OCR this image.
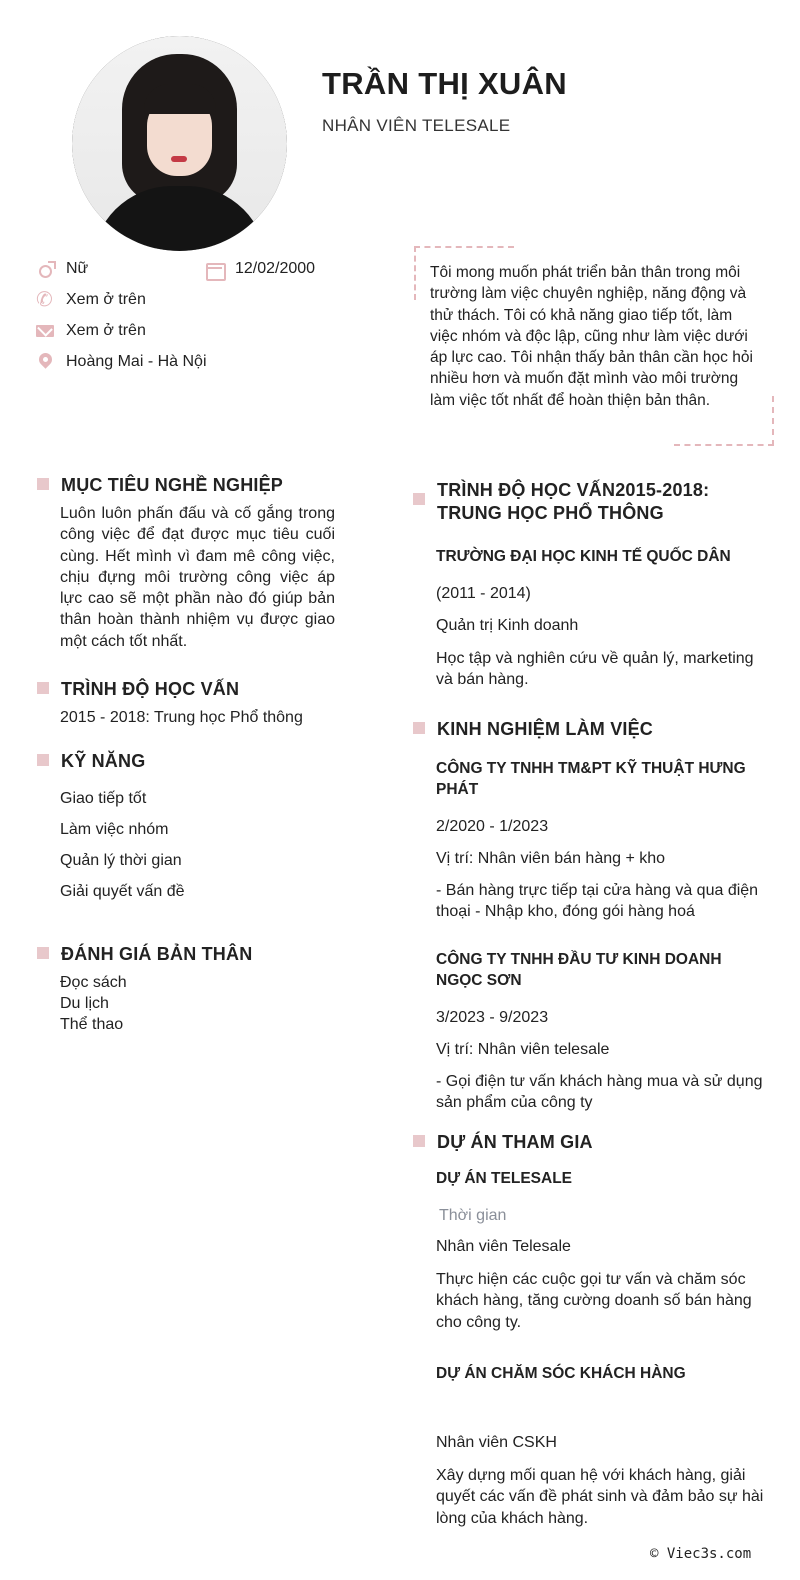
TRẦN THỊ XUÂN
NHÂN VIÊN TELESALE
Nữ	12/02/2000
✆
Xem ở trên
Xem ở trên
Hoàng Mai - Hà Nội

Tôi mong muốn phát triển bản thân trong môi trường làm việc chuyên nghiệp, năng động và thử thách. Tôi có khả năng giao tiếp tốt, làm việc nhóm và độc lập, cũng như làm việc dưới áp lực cao. Tôi nhận thấy bản thân cần học hỏi nhiều hơn và muốn đặt mình vào môi trường làm việc tốt nhất để hoàn thiện bản thân.

MỤC TIÊU NGHỀ NGHIỆP
Luôn luôn phấn đấu và cố gắng trong công việc để đạt được mục tiêu cuối cùng. Hết mình vì đam mê công việc, chịu đựng môi trường công việc áp lực cao sẽ một phần nào đó giúp bản thân hoàn thành nhiệm vụ được giao một cách tốt nhất.
TRÌNH ĐỘ HỌC VẤN
2015 - 2018: Trung học Phổ thông
KỸ NĂNG
Giao tiếp tốt
Làm việc nhóm
Quản lý thời gian
Giải quyết vấn đề
ĐÁNH GIÁ BẢN THÂN
Đọc sách
Du lịch
Thể thao
TRÌNH ĐỘ HỌC VẤN2015-2018: TRUNG HỌC PHỔ THÔNG
TRƯỜNG ĐẠI HỌC KINH TẾ QUỐC DÂN
(2011 - 2014)
Quản trị Kinh doanh
Học tập và nghiên cứu về quản lý, marketing và bán hàng.
KINH NGHIỆM LÀM VIỆC
CÔNG TY TNHH TM&PT KỸ THUẬT HƯNG PHÁT
2/2020 - 1/2023
Vị trí: Nhân viên bán hàng + kho
- Bán hàng trực tiếp tại cửa hàng và qua điện thoại - Nhập kho, đóng gói hàng hoá
CÔNG TY TNHH ĐẦU TƯ KINH DOANH NGỌC SƠN
3/2023 - 9/2023
Vị trí: Nhân viên telesale
- Gọi điện tư vấn khách hàng mua và sử dụng sản phẩm của công ty
DỰ ÁN THAM GIA
DỰ ÁN TELESALE
Thời gian
Nhân viên Telesale
Thực hiện các cuộc gọi tư vấn và chăm sóc khách hàng, tăng cường doanh số bán hàng cho công ty.
DỰ ÁN CHĂM SÓC KHÁCH HÀNG
Nhân viên CSKH
Xây dựng mối quan hệ với khách hàng, giải quyết các vấn đề phát sinh và đảm bảo sự hài lòng của khách hàng.
© Viec3s.com
